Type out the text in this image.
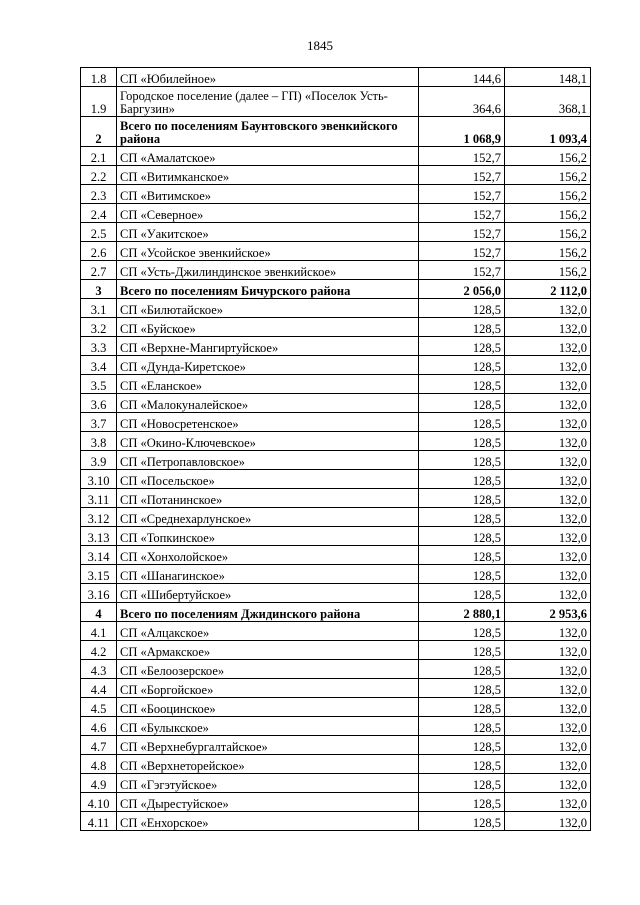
1845
1.8	СП «Юбилейное»	144,6	148,1
1.9	Городское поселение (далее – ГП) «Поселок Усть-Баргузин»	364,6	368,1
2	Всего по поселениям Баунтовского эвенкийского района	1 068,9	1 093,4
2.1	СП «Амалатское»	152,7	156,2
2.2	СП «Витимканское»	152,7	156,2
2.3	СП «Витимское»	152,7	156,2
2.4	СП «Северное»	152,7	156,2
2.5	СП «Уакитское»	152,7	156,2
2.6	СП «Усойское эвенкийское»	152,7	156,2
2.7	СП «Усть-Джилиндинское эвенкийское»	152,7	156,2
3	Всего по поселениям Бичурского района	2 056,0	2 112,0
3.1	СП «Билютайское»	128,5	132,0
3.2	СП «Буйское»	128,5	132,0
3.3	СП «Верхне-Мангиртуйское»	128,5	132,0
3.4	СП «Дунда-Киретское»	128,5	132,0
3.5	СП «Еланское»	128,5	132,0
3.6	СП «Малокуналейское»	128,5	132,0
3.7	СП «Новосретенское»	128,5	132,0
3.8	СП «Окино-Ключевское»	128,5	132,0
3.9	СП «Петропавловское»	128,5	132,0
3.10	СП «Посельское»	128,5	132,0
3.11	СП «Потанинское»	128,5	132,0
3.12	СП «Среднехарлунское»	128,5	132,0
3.13	СП «Топкинское»	128,5	132,0
3.14	СП «Хонхолойское»	128,5	132,0
3.15	СП «Шанагинское»	128,5	132,0
3.16	СП «Шибертуйское»	128,5	132,0
4	Всего по поселениям Джидинского района	2 880,1	2 953,6
4.1	СП «Алцакское»	128,5	132,0
4.2	СП «Армакское»	128,5	132,0
4.3	СП «Белоозерское»	128,5	132,0
4.4	СП «Боргойское»	128,5	132,0
4.5	СП «Бооцинское»	128,5	132,0
4.6	СП «Булыкское»	128,5	132,0
4.7	СП «Верхнебургалтайское»	128,5	132,0
4.8	СП «Верхнеторейское»	128,5	132,0
4.9	СП «Гэгэтуйское»	128,5	132,0
4.10	СП «Дырестуйское»	128,5	132,0
4.11	СП «Енхорское»	128,5	132,0
